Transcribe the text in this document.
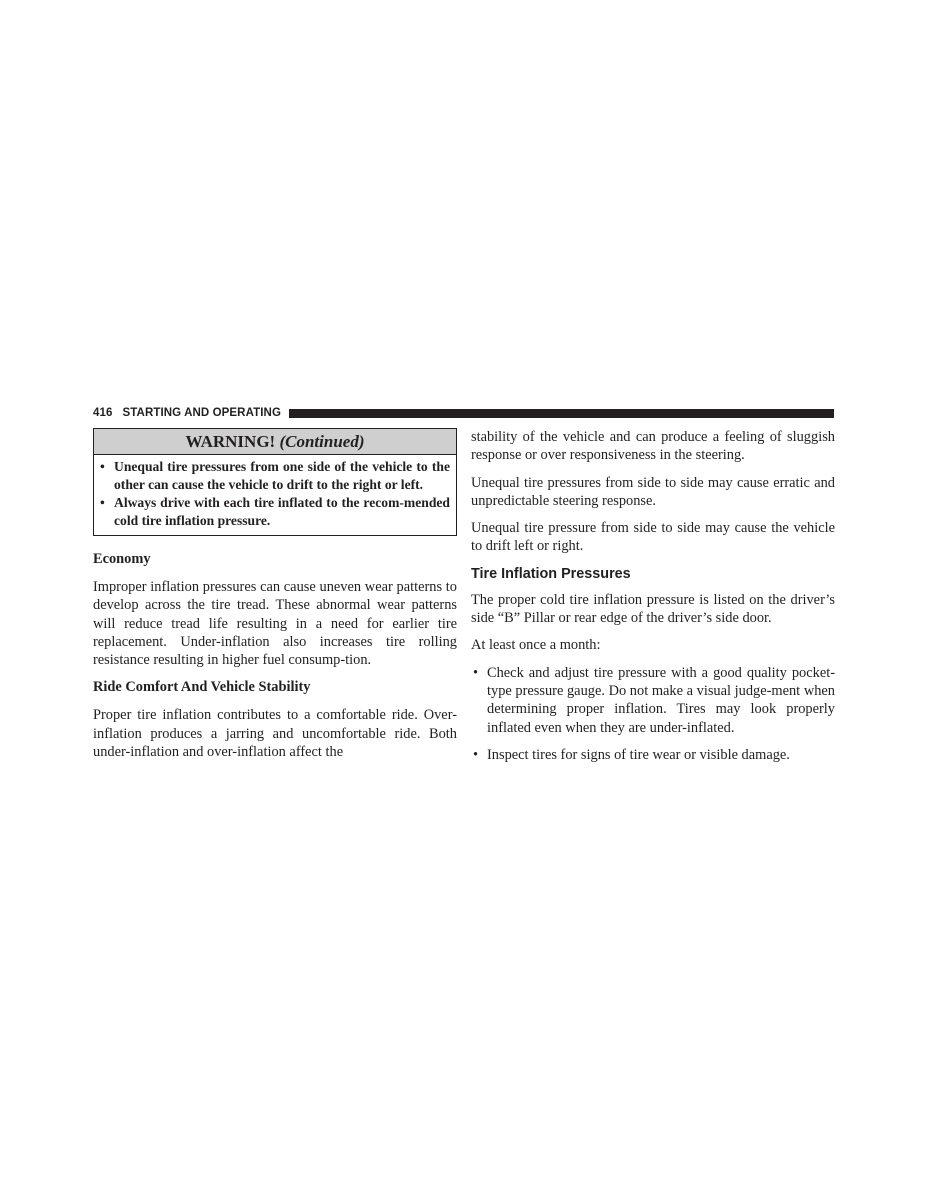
416 STARTING AND OPERATING
WARNING! (Continued)
• Unequal tire pressures from one side of the vehicle to the other can cause the vehicle to drift to the right or left.
• Always drive with each tire inflated to the recom-mended cold tire inflation pressure.
Economy

Improper inflation pressures can cause uneven wear patterns to develop across the tire tread. These abnormal wear patterns will reduce tread life resulting in a need for earlier tire replacement. Under-inflation also increases tire rolling resistance resulting in higher fuel consump-tion.

Ride Comfort And Vehicle Stability

Proper tire inflation contributes to a comfortable ride. Over-inflation produces a jarring and uncomfortable ride. Both under-inflation and over-inflation affect the

stability of the vehicle and can produce a feeling of sluggish response or over responsiveness in the steering.

Unequal tire pressures from side to side may cause erratic and unpredictable steering response.

Unequal tire pressure from side to side may cause the vehicle to drift left or right.

Tire Inflation Pressures

The proper cold tire inflation pressure is listed on the driver’s side “B” Pillar or rear edge of the driver’s side door.

At least once a month:

• Check and adjust tire pressure with a good quality pocket-type pressure gauge. Do not make a visual judge-ment when determining proper inflation. Tires may look properly inflated even when they are under-inflated.
• Inspect tires for signs of tire wear or visible damage.
